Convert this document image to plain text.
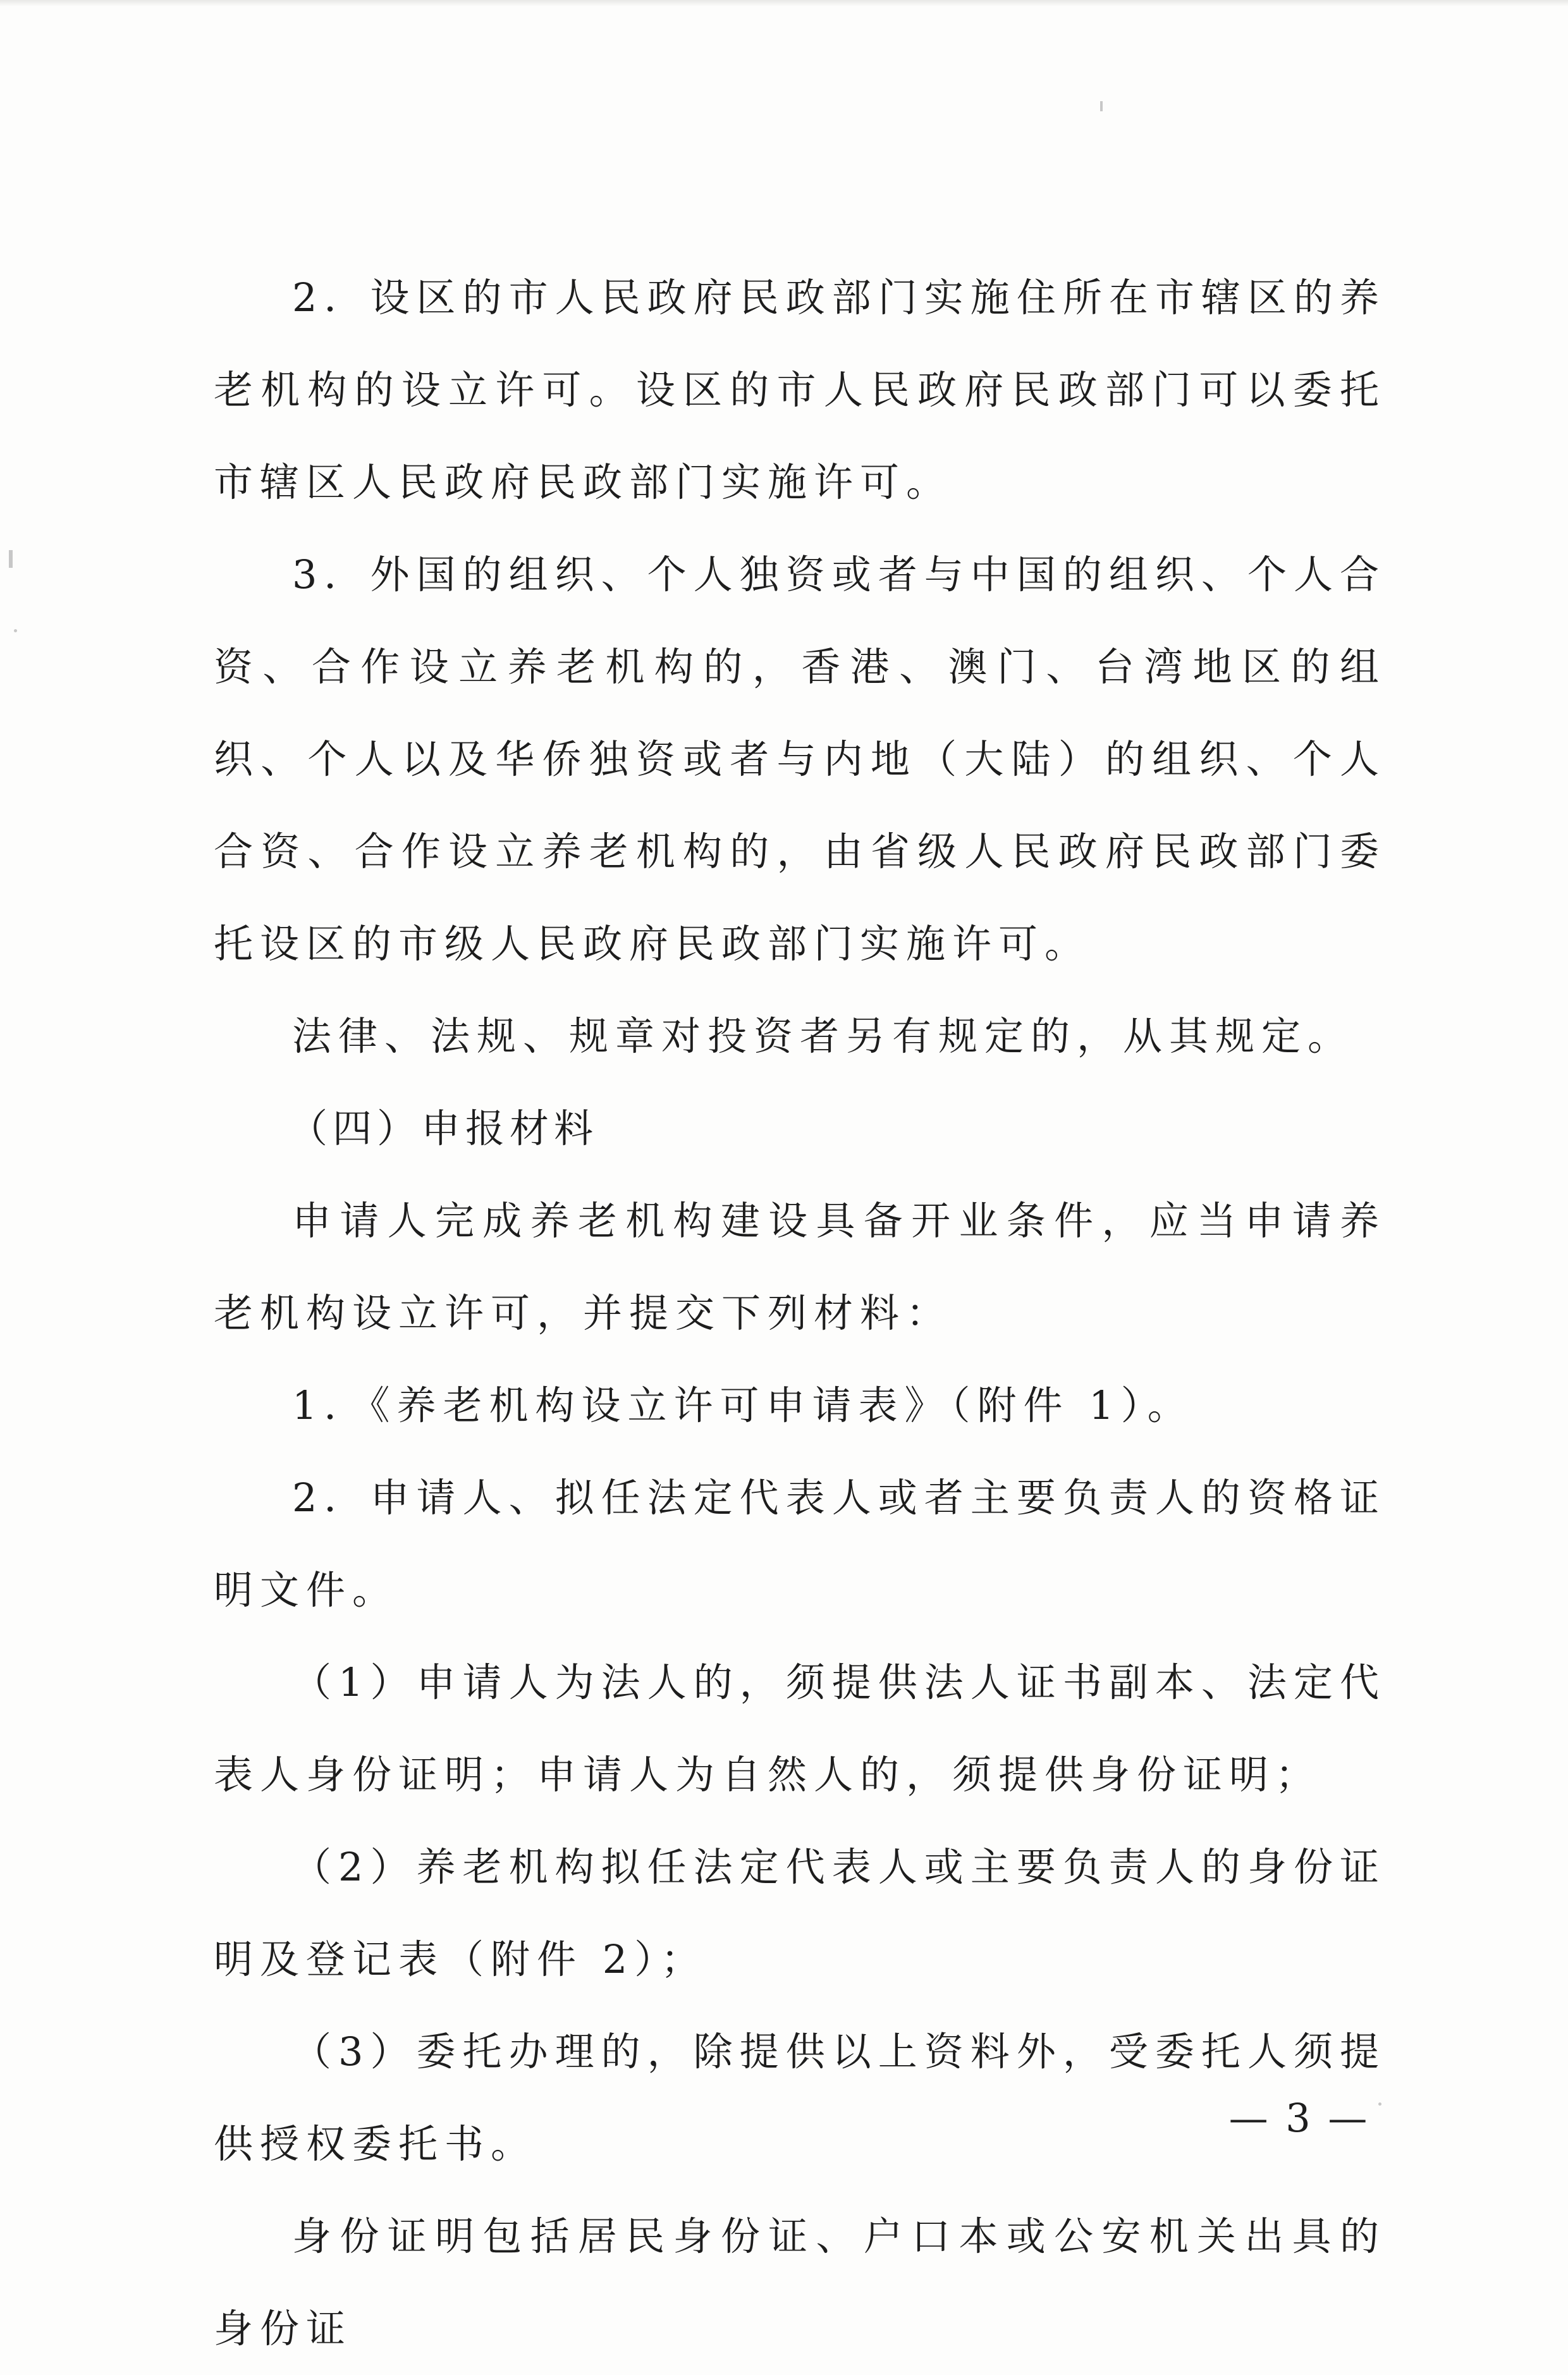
2．设区的市人民政府民政部门实施住所在市辖区的养老机构的设立许可。设区的市人民政府民政部门可以委托市辖区人民政府民政部门实施许可。

3．外国的组织、个人独资或者与中国的组织、个人合资、合作设立养老机构的，香港、澳门、台湾地区的组织、个人以及华侨独资或者与内地（大陆）的组织、个人合资、合作设立养老机构的，由省级人民政府民政部门委托设区的市级人民政府民政部门实施许可。

法律、法规、规章对投资者另有规定的，从其规定。

（四）申报材料

申请人完成养老机构建设具备开业条件，应当申请养老机构设立许可，并提交下列材料：

1．《养老机构设立许可申请表》（附件 1）。

2．申请人、拟任法定代表人或者主要负责人的资格证明文件。

（1）申请人为法人的，须提供法人证书副本、法定代表人身份证明；申请人为自然人的，须提供身份证明；

（2）养老机构拟任法定代表人或主要负责人的身份证明及登记表（附件 2）；

（3）委托办理的，除提供以上资料外，受委托人须提供授权委托书。

身份证明包括居民身份证、户口本或公安机关出具的身份证

— 3 —
